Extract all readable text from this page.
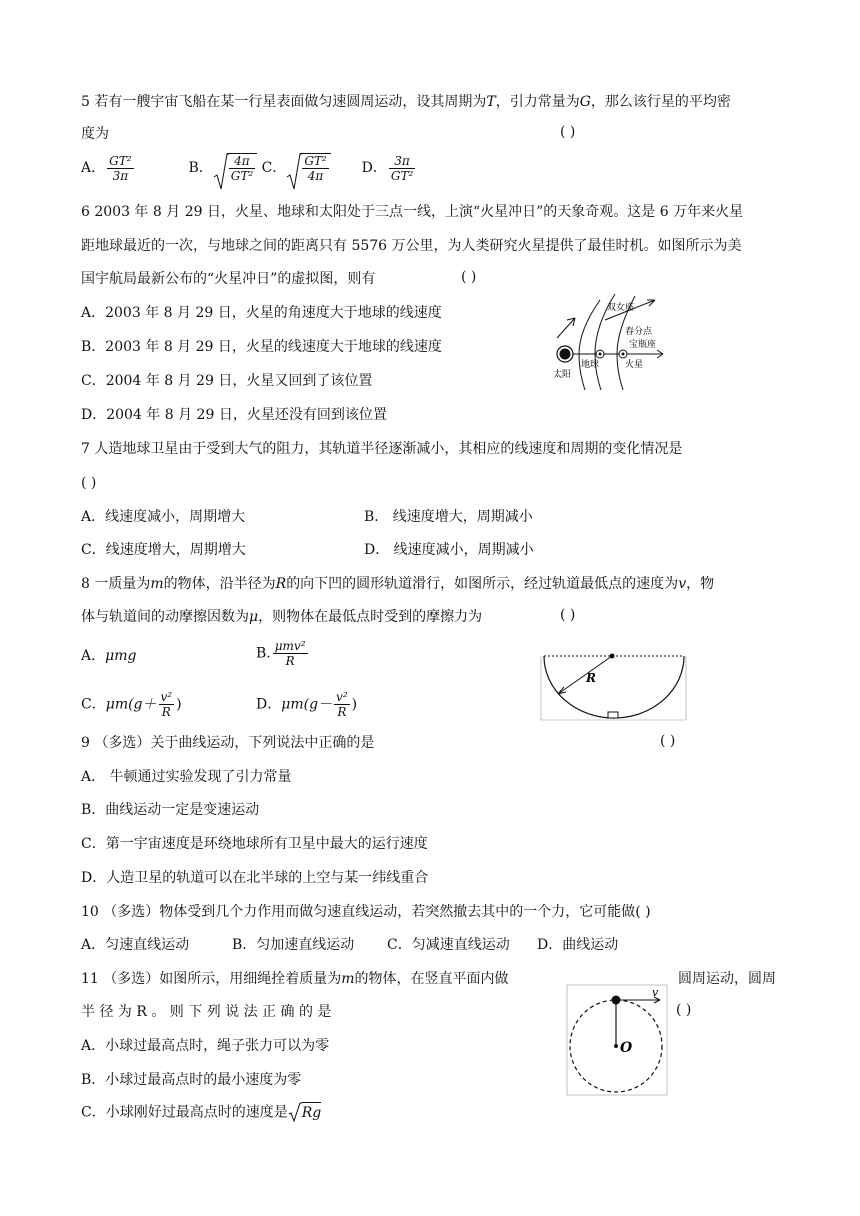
5 若有一艘宇宙飞船在某一行星表面做匀速圆周运动，设其周期为T，引力常量为G，那么该行星的平均密
度为	( )
A． $\frac{\text{GT²}}{3\pi}$	B． $\frac{4\pi}{\text{GT²}}$ C． $\frac{\text{GT²}}{4\pi}$ D． $\frac{3\pi}{\text{GT²}}$
6 2003 年 8 月 29 日，火星、地球和太阳处于三点一线，上演“火星冲日”的天象奇观。这是 6 万年来火星
距地球最近的一次，与地球之间的距离只有 5576 万公里，为人类研究火星提供了最佳时机。如图所示为美
国宇航局最新公布的“火星冲日”的虚拟图，则有	( )
A．2003 年 8 月 29 日，火星的角速度大于地球的线速度
B．2003 年 8 月 29 日，火星的线速度大于地球的线速度
C．2004 年 8 月 29 日，火星又回到了该位置
D．2004 年 8 月 29 日，火星还没有回到该位置
双女座
春分点
宝瓶座
太阳
地球	火星
7 人造地球卫星由于受到大气的阻力，其轨道半径逐渐减小，其相应的线速度和周期的变化情况是
( )
A．线速度减小，周期增大	B． 线速度增大，周期减小
C．线速度增大，周期增大	D． 线速度减小，周期减小
8 一质量为m的物体，沿半径为R的向下凹的圆形轨道滑行，如图所示，经过轨道最低点的速度为v，物
体与轨道间的动摩擦因数为μ，则物体在最低点时受到的摩擦力为	( )
A．μmg	B. $\frac{\text{μmv²}}{R}$
C．$\mu m(g+ \frac{\text{v²}}{R}$ )	D．$\mu m(g- \frac{\text{v²}}{R}$ )
R
9 （多选）关于曲线运动，下列说法中正确的是	( )
A． 牛顿通过实验发现了引力常量
B．曲线运动一定是变速运动
C．第一宇宙速度是环绕地球所有卫星中最大的运行速度
D．人造卫星的轨道可以在北半球的上空与某一纬线重合
10 （多选）物体受到几个力作用而做匀速直线运动，若突然撤去其中的一个力，它可能做( )
A．匀速直线运动	B．匀加速直线运动 C．匀减速直线运动 D．曲线运动
11 （多选）如图所示，用细绳拴着质量为m的物体，在竖直平面内做	圆周运动，圆周
半 径 为 R 。 则 下 列 说 法 正 确 的 是	( )
A．小球过最高点时，绳子张力可以为零
B．小球过最高点时的最小速度为零
C．小球刚好过最高点时的速度是 Rg
v
O
